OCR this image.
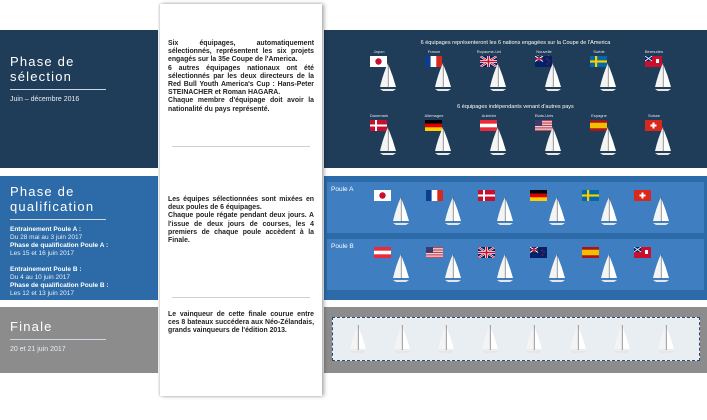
Phase de
sélection
Juin – décembre 2016
6 équipages représenteront les 6 nations engagées sur la Coupe de l'America
Japon	France	Royaume-Uni	Nouvelle	Suède	Bermudes
6 équipages indépendants venant d'autres pays
Danemark	Allemagne	Autriche	Etats-Unis	Espagne	Suisse
Phase de
qualification
Entrainement Poule A :
Du 28 mai au 3 juin 2017
Phase de qualification Poule A :
Les 15 et 16 juin 2017
Entrainement Poule B :
Du 4 au 10 juin 2017
Phase de qualification Poule B :
Les 12 et 13 juin 2017
Poule A
Poule B
Finale
20 et 21 juin 2017
Six équipages, automatiquement sélectionnés, représentent les six projets engagés sur la 35e Coupe de l'America.
6 autres équipages nationaux ont été sélectionnés par les deux directeurs de la Red Bull Youth America's Cup : Hans-Peter STEINACHER et Roman HAGARA.
Chaque membre d'équipage doit avoir la nationalité du pays représenté.
Les équipes sélectionnées sont mixées en deux poules de 6 équipages.
Chaque poule régate pendant deux jours. A l'issue de deux jours de courses, les 4 premiers de chaque poule accèdent à la Finale.
Le vainqueur de cette finale courue entre ces 8 bateaux succédera aux Néo-Zélandais, grands vainqueurs de l'édition 2013.
